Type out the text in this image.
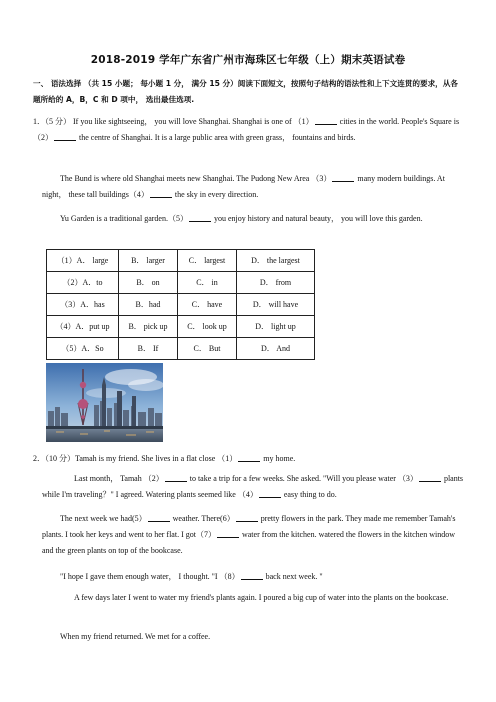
2018-2019 学年广东省广州市海珠区七年级（上）期末英语试卷
一、 语法选择 （共 15 小题； 每小题 1 分， 满分 15 分）阅读下面短文，按照句子结构的语法性和上下文连贯的要求，从各题所给的 A，B，C 和 D 项中， 选出最佳选项.
1．（5 分） If you like sightseeing， you will love Shanghai. Shanghai is one of （1）	cities in the world. People's Square is （2）	the centre of Shanghai. It is a large public area with green grass， fountains and birds.
The Bund is where old Shanghai meets new Shanghai. The Pudong New Area （3）	many modern buildings. At night， these tall buildings（4）	the sky in every direction.
Yu Garden is a traditional garden.（5）	you enjoy history and natural beauty， you will love this garden.
（1）A． large	B． larger	C． largest	D． the largest
（2）A．to	B． on	C． in	D． from
（3）A．has	B．had	C． have	D． will have
（4）A．put up	B． pick up	C． look up	D． light up
（5）A．So	B． If	C． But	D． And
2．（10 分）Tamah is my friend. She lives in a flat close （1）	my home.
Last month， Tamah （2）	to take a trip for a few weeks. She asked. "Will you please water （3）	plants while I'm traveling？" I agreed. Watering plants seemed like （4）	easy thing to do.
The next week we had(5）	weather. There(6）	pretty flowers in the park. They made me remember Tamah's plants. I took her keys and went to her flat. I got（7）	water from the kitchen. watered the flowers in the kitchen window and the green plants on top of the bookcase.
"I hope I gave them enough water， I thought. "I （8）	back next week. "
A few days later I went to water my friend's plants again. I poured a big cup of water into the plants on the bookcase.
When my friend returned. We met for a coffee.
